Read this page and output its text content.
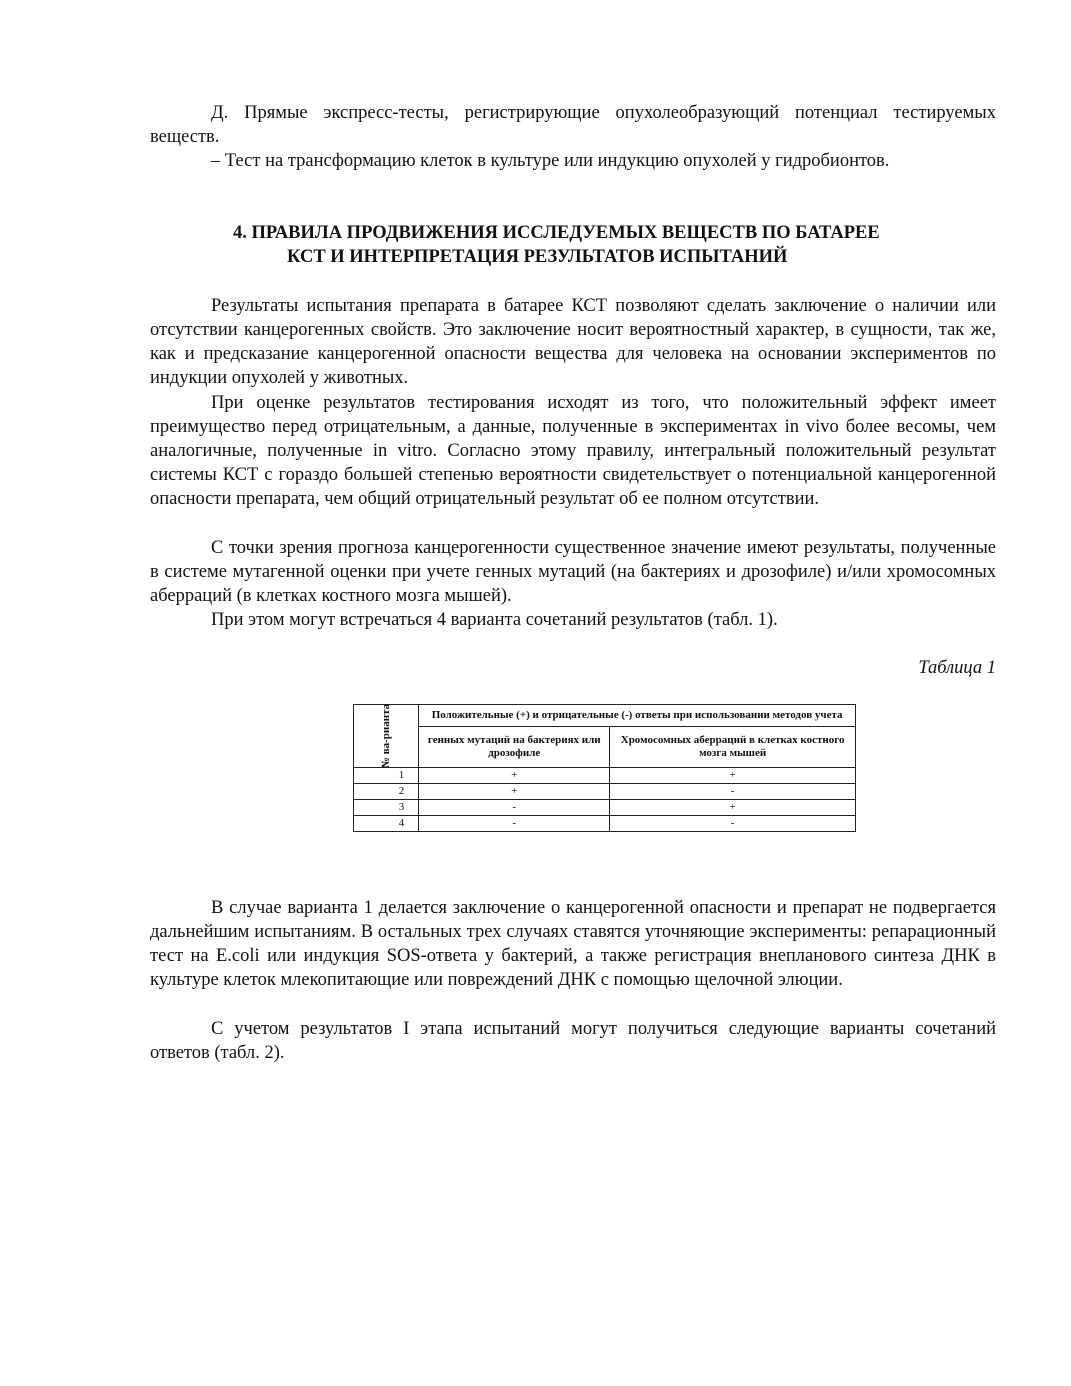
Д. Прямые экспресс-тесты, регистрирующие опухолеобразующий потенциал тестируемых веществ.

– Тест на трансформацию клеток в культуре или индукцию опухолей у гидробионтов.

4. ПРАВИЛА ПРОДВИЖЕНИЯ ИССЛЕДУЕМЫХ ВЕЩЕСТВ ПО БАТАРЕЕ
КСТ И ИНТЕРПРЕТАЦИЯ РЕЗУЛЬТАТОВ ИСПЫТАНИЙ

Результаты испытания препарата в батарее КСТ позволяют сделать заключение о наличии или отсутствии канцерогенных свойств. Это заключение носит вероятностный характер, в сущности, так же, как и предсказание канцерогенной опасности вещества для человека на основании экспериментов по индукции опухолей у животных.

При оценке результатов тестирования исходят из того, что положительный эффект имеет преимущество перед отрицательным, а данные, полученные в экспериментах in vivo более весомы, чем аналогичные, полученные in vitro. Согласно этому правилу, интегральный положительный результат системы КСТ с гораздо большей степенью вероятности свидетельствует о потенциальной канцерогенной опасности препарата, чем общий отрицательный результат об ее полном отсутствии.

С точки зрения прогноза канцерогенности существенное значение имеют результаты, полученные в системе мутагенной оценки при учете генных мутаций (на бактериях и дрозофиле) и/или хромосомных аберраций (в клетках костного мозга мышей).

При этом могут встречаться 4 варианта сочетаний результатов (табл. 1).

Таблица 1
№ ва-рианта	Положительные (+) и отрицательные (-) ответы при использовании методов учета	
	генных мутаций на бактериях или дрозофиле	Хромосомных аберраций в клетках костного мозга мышей
1	+	+
2	+	-
3	-	+
4	-	-

В случае варианта 1 делается заключение о канцерогенной опасности и препарат не подвергается дальнейшим испытаниям. В остальных трех случаях ставятся уточняющие эксперименты: репарационный тест на E.coli или индукция SOS-ответа у бактерий, а также регистрация внепланового синтеза ДНК в культуре клеток млекопитающие или повреждений ДНК с помощью щелочной элюции.

С учетом результатов I этапа испытаний могут получиться следующие варианты сочетаний ответов (табл. 2).
